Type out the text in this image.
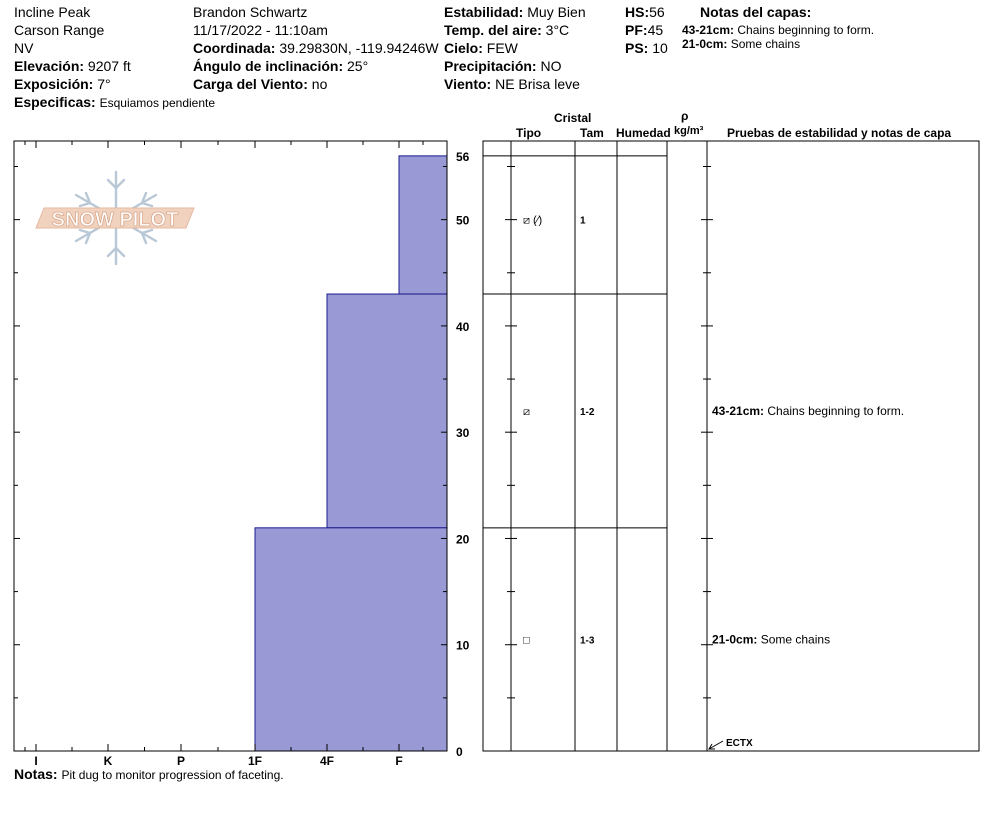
Incline Peak
Carson Range
NV
Elevación: 9207 ft
Exposición: 7°
Especificas: Esquiamos pendiente
Brandon Schwartz
11/17/2022 - 11:10am
Coordinada: 39.29830N, -119.94246W
Ángulo de inclinación: 25°
Carga del Viento: no
Estabilidad: Muy Bien
Temp. del aire: 3°C
Cielo: FEW
Precipitación: NO
Viento: NE Brisa leve
HS:56
PF:45
PS: 10
Notas del capas:
43-21cm: Chains beginning to form.
21-0cm: Some chains
Cristal
Tipo	Tam Humedad
ρ
kg/m³ Pruebas de estabilidad y notas de capa
Notas: Pit dug to monitor progression of faceting.
SNOW PILOT
0
10
20
30
40
50
56
I	K	P	1F	4F	F
⧄ (⁄)	1
⧄	1-2
□	1-3
43-21cm: Chains beginning to form.
21-0cm: Some chains
ECTX
